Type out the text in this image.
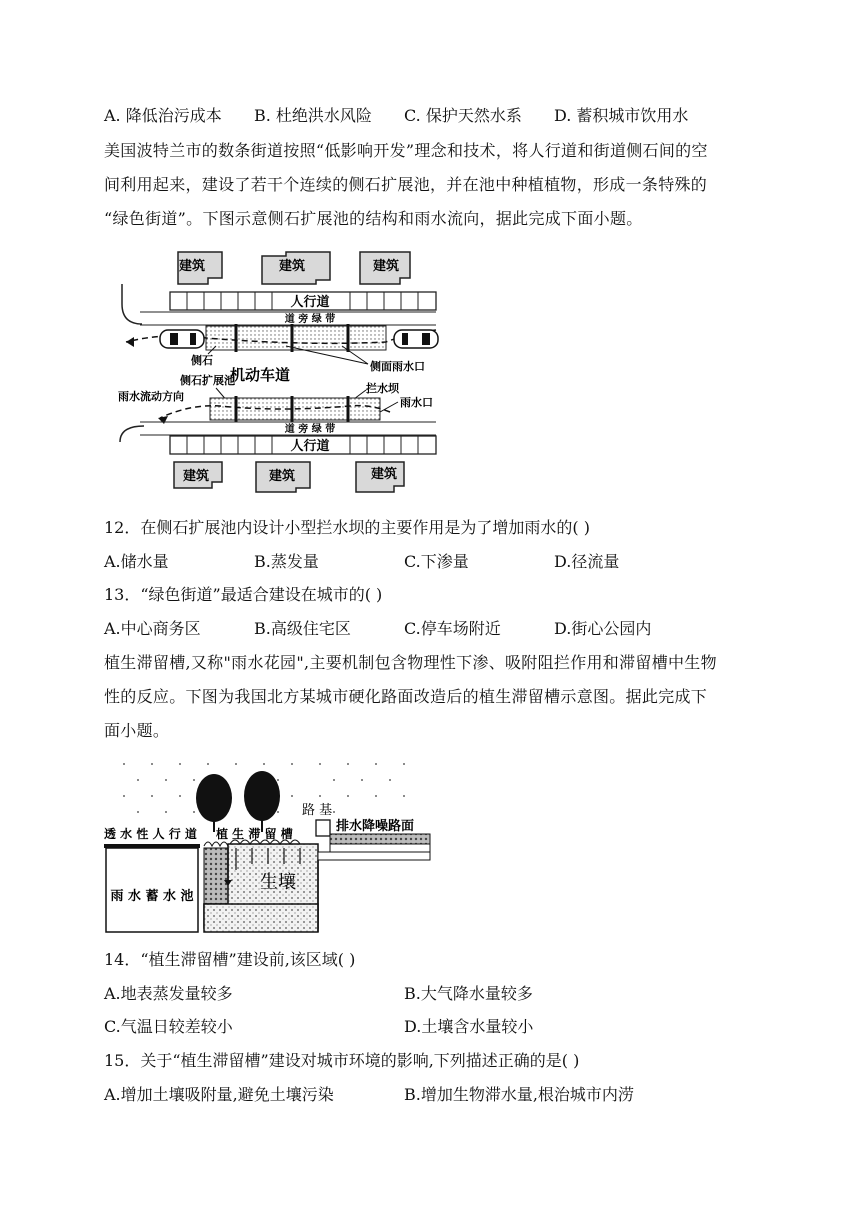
A. 降低治污成本 B. 杜绝洪水风险 C. 保护天然水系 D. 蓄积城市饮用水
美国波特兰市的数条街道按照“低影响开发”理念和技术，将人行道和街道侧石间的空
间利用起来，建设了若干个连续的侧石扩展池，并在池中种植植物，形成一条特殊的
“绿色街道”。下图示意侧石扩展池的结构和雨水流向，据此完成下面小题。
建筑	建筑	建筑
人行道
道 旁 绿 带
侧石	侧面雨水口
机动车道
侧石扩展池
拦水坝
雨水口
雨水流动方向
道 旁 绿 带
人行道
建筑	建筑	建筑
12．在侧石扩展池内设计小型拦水坝的主要作用是为了增加雨水的( )
A.储水量	B.蒸发量	C.下渗量	D.径流量
13．“绿色街道”最适合建设在城市的( )
A.中心商务区	B.高级住宅区	C.停车场附近	D.街心公园内
植生滞留槽,又称"雨水花园",主要机制包含物理性下渗、吸附阻拦作用和滞留槽中生物
性的反应。下图为我国北方某城市硬化路面改造后的植生滞留槽示意图。据此完成下
面小题。
路 基
排水降噪路面
透 水 性 人 行 道 植 生 滞 留 槽
雨 水 蓄 水 池
生壤
14．“植生滞留槽”建设前,该区域( )
A.地表蒸发量较多	B.大气降水量较多
C.气温日较差较小	D.土壤含水量较小
15．关于“植生滞留槽”建设对城市环境的影响,下列描述正确的是( )
A.增加土壤吸附量,避免土壤污染	B.增加生物滞水量,根治城市内涝
